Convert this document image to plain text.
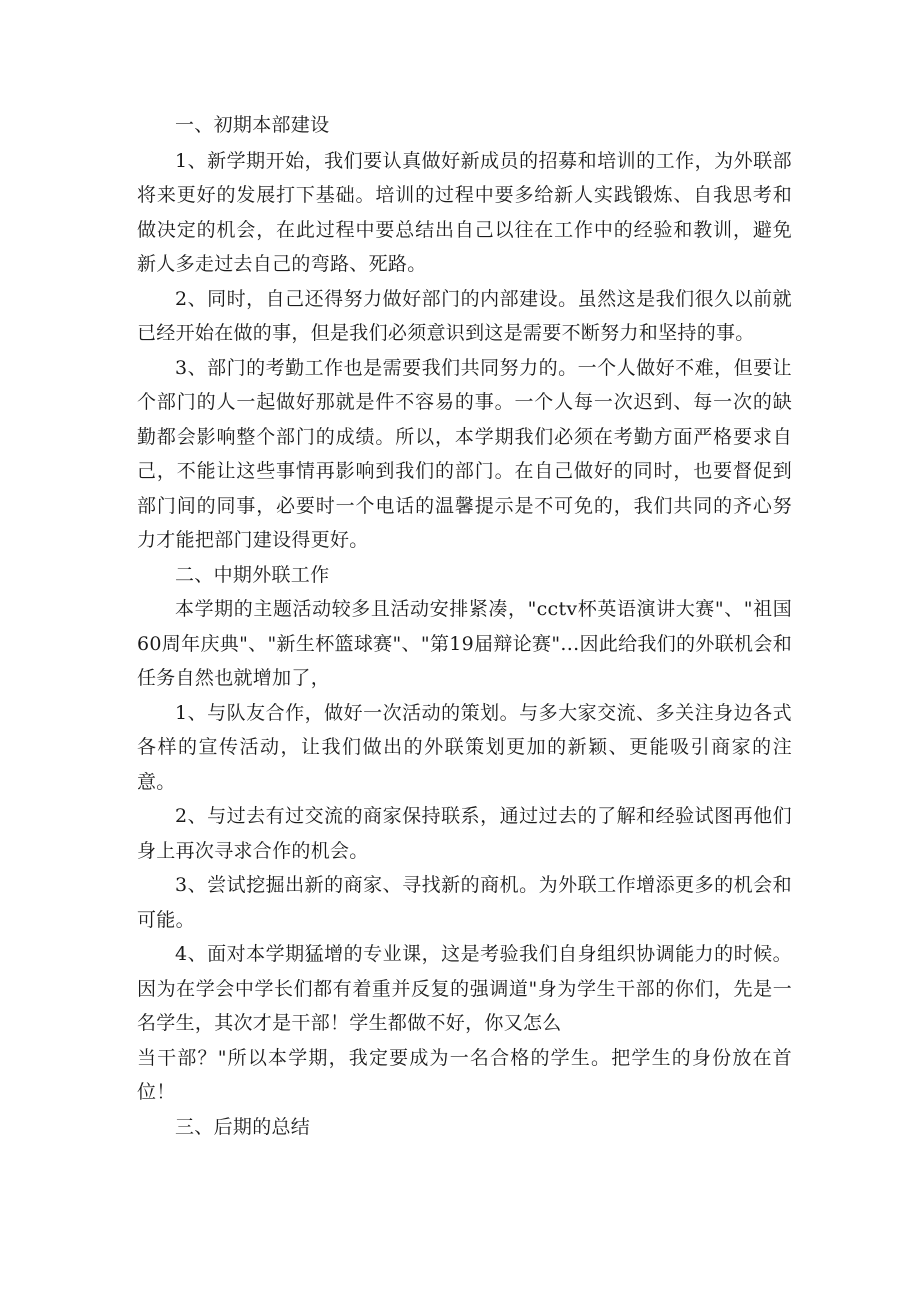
一、初期本部建设

1、新学期开始，我们要认真做好新成员的招募和培训的工作，为外联部将来更好的发展打下基础。培训的过程中要多给新人实践锻炼、自我思考和做决定的机会，在此过程中要总结出自己以往在工作中的经验和教训，避免新人多走过去自己的弯路、死路。

2、同时，自己还得努力做好部门的内部建设。虽然这是我们很久以前就已经开始在做的事，但是我们必须意识到这是需要不断努力和坚持的事。

3、部门的考勤工作也是需要我们共同努力的。一个人做好不难，但要让个部门的人一起做好那就是件不容易的事。一个人每一次迟到、每一次的缺勤都会影响整个部门的成绩。所以，本学期我们必须在考勤方面严格要求自己，不能让这些事情再影响到我们的部门。在自己做好的同时，也要督促到部门间的同事，必要时一个电话的温馨提示是不可免的，我们共同的齐心努力才能把部门建设得更好。

二、中期外联工作

本学期的主题活动较多且活动安排紧凑，"cctv杯英语演讲大赛"、"祖国60周年庆典"、"新生杯篮球赛"、"第19届辩论赛"...因此给我们的外联机会和任务自然也就增加了，

1、与队友合作，做好一次活动的策划。与多大家交流、多关注身边各式各样的宣传活动，让我们做出的外联策划更加的新颖、更能吸引商家的注意。

2、与过去有过交流的商家保持联系，通过过去的了解和经验试图再他们身上再次寻求合作的机会。

3、尝试挖掘出新的商家、寻找新的商机。为外联工作增添更多的机会和可能。

4、面对本学期猛增的专业课，这是考验我们自身组织协调能力的时候。因为在学会中学长们都有着重并反复的强调道"身为学生干部的你们，先是一名学生，其次才是干部！学生都做不好，你又怎么

当干部？"所以本学期，我定要成为一名合格的学生。把学生的身份放在首位！

三、后期的总结
